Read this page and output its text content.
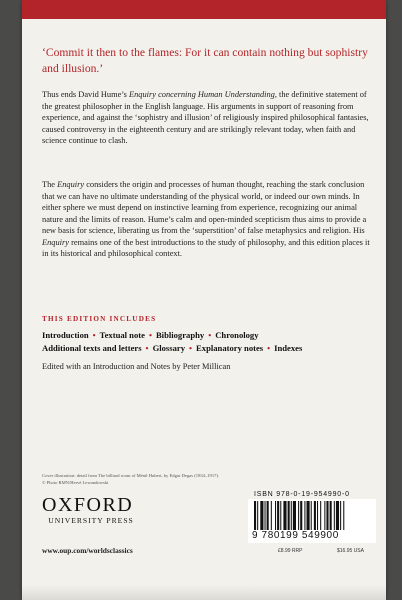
‘Commit it then to the flames: For it can contain nothing but sophistry and illusion.’
Thus ends David Hume’s Enquiry concerning Human Understanding, the definitive statement of the greatest philosopher in the English language. His arguments in support of reasoning from experience, and against the ‘sophistry and illusion’ of religiously inspired philosophical fantasies, caused controversy in the eighteenth century and are strikingly relevant today, when faith and science continue to clash.
The Enquiry considers the origin and processes of human thought, reaching the stark conclusion that we can have no ultimate understanding of the physical world, or indeed our own minds. In either sphere we must depend on instinctive learning from experience, recognizing our animal nature and the limits of reason. Hume’s calm and open-minded scepticism thus aims to provide a new basis for science, liberating us from the ‘superstition’ of false metaphysics and religion. His Enquiry remains one of the best introductions to the study of philosophy, and this edition places it in its historical and philosophical context.
THIS EDITION INCLUDES
Introduction • Textual note • Bibliography • Chronology
Additional texts and letters • Glossary • Explanatory notes • Indexes
Edited with an Introduction and Notes by Peter Millican
Cover illustration: detail from The billiard room of Ménil Hubert, by Edgar Degas (1834–1917).
© Photo RMN/Hervé Lewandowski
OXFORD
UNIVERSITY PRESS
www.oup.com/worldsclassics
ISBN 978-0-19-954990-0
9 780199 549900
£8.99 RRP	$16.95 USA
